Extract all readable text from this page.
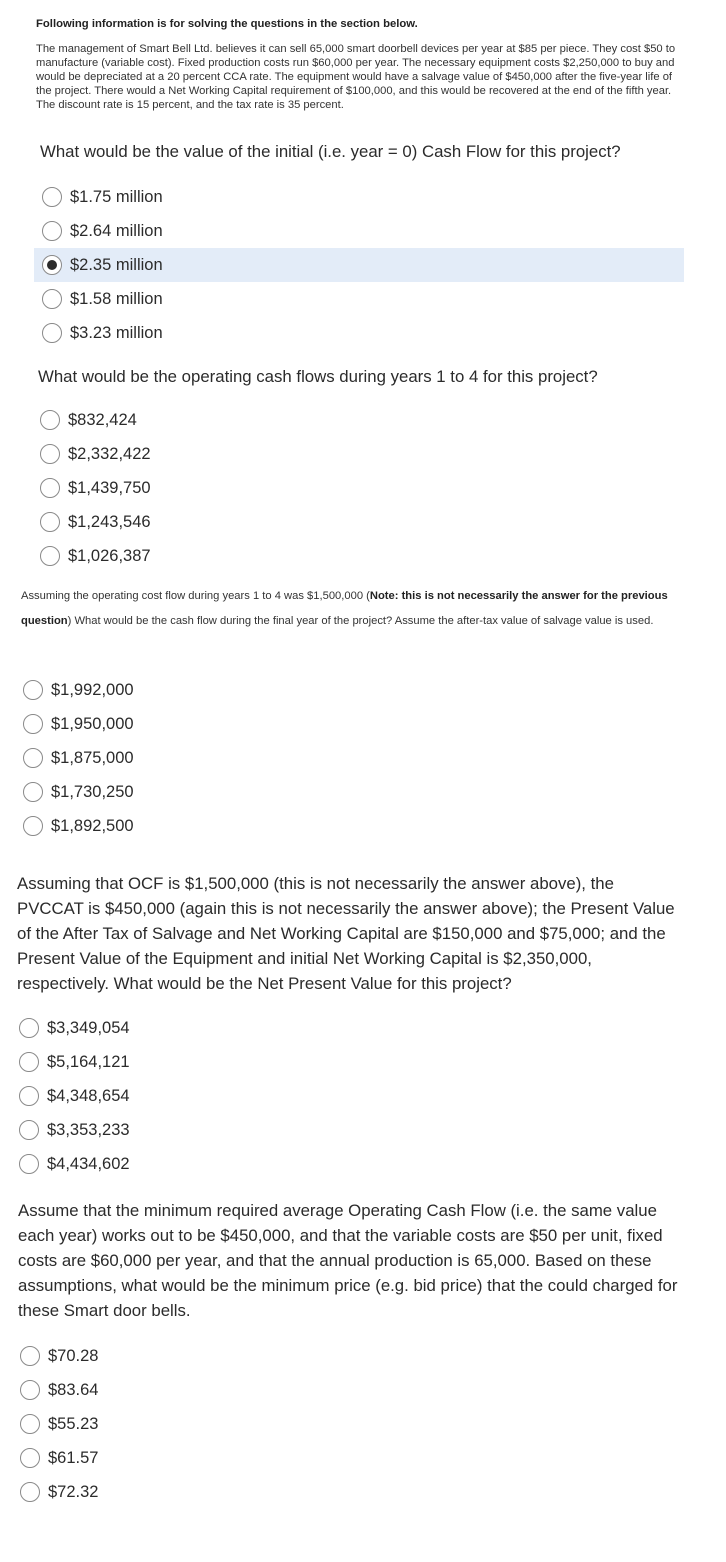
Following information is for solving the questions in the section below.
The management of Smart Bell Ltd. believes it can sell 65,000 smart doorbell devices per year at $85 per piece. They cost $50 to manufacture (variable cost). Fixed production costs run $60,000 per year. The necessary equipment costs $2,250,000 to buy and would be depreciated at a 20 percent CCA rate. The equipment would have a salvage value of $450,000 after the five-year life of the project. There would a Net Working Capital requirement of $100,000, and this would be recovered at the end of the fifth year. The discount rate is 15 percent, and the tax rate is 35 percent.
What would be the value of the initial (i.e. year = 0) Cash Flow for this project?
$1.75 million
$2.64 million
$2.35 million
$1.58 million
$3.23 million
What would be the operating cash flows during years 1 to 4 for this project?
$832,424
$2,332,422
$1,439,750
$1,243,546
$1,026,387
Assuming the operating cost flow during years 1 to 4 was $1,500,000 (Note: this is not necessarily the answer for the previous question) What would be the cash flow during the final year of the project? Assume the after-tax value of salvage value is used.
$1,992,000
$1,950,000
$1,875,000
$1,730,250
$1,892,500
Assuming that OCF is $1,500,000 (this is not necessarily the answer above), the PVCCAT is $450,000 (again this is not necessarily the answer above); the Present Value of the After Tax of Salvage and Net Working Capital are $150,000 and $75,000; and the Present Value of the Equipment and initial Net Working Capital is $2,350,000, respectively. What would be the Net Present Value for this project?
$3,349,054
$5,164,121
$4,348,654
$3,353,233
$4,434,602
Assume that the minimum required average Operating Cash Flow (i.e. the same value each year) works out to be $450,000, and that the variable costs are $50 per unit, fixed costs are $60,000 per year, and that the annual production is 65,000. Based on these assumptions, what would be the minimum price (e.g. bid price) that the could charged for these Smart door bells.
$70.28
$83.64
$55.23
$61.57
$72.32
